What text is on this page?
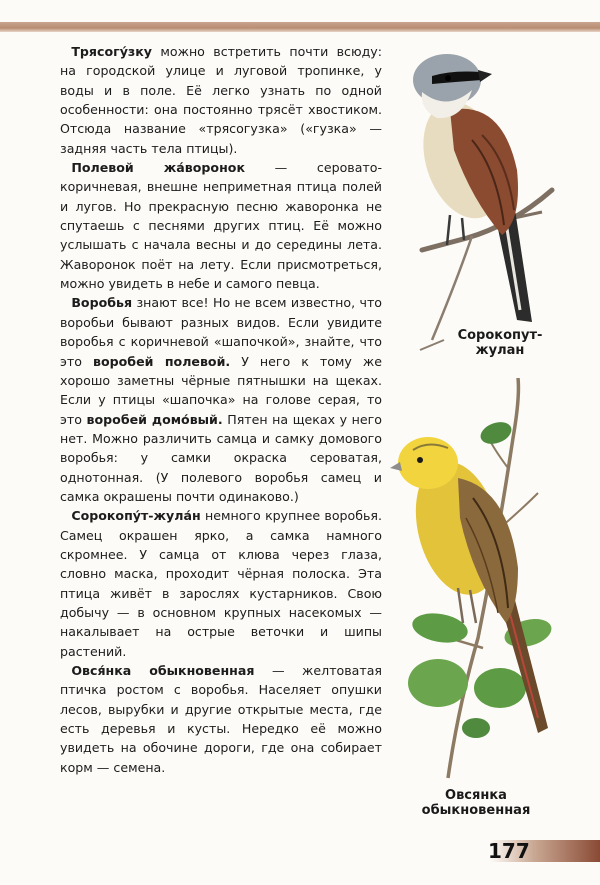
Трясогу́зку можно встретить почти всюду: на городской улице и луговой тропинке, у воды и в поле. Её легко узнать по одной особенности: она постоянно трясёт хвостиком. Отсюда название «трясогузка» («гузка» — задняя часть тела птицы).

Полевой жа́воронок — серовато-коричневая, внешне неприметная птица полей и лугов. Но прекрасную песню жаворонка не спутаешь с песнями других птиц. Её можно услышать с начала весны и до середины лета. Жаворонок поёт на лету. Если присмотреться, можно увидеть в небе и самого певца.

Воробья знают все! Но не всем известно, что воробьи бывают разных видов. Если увидите воробья с коричневой «шапочкой», знайте, что это воробей полевой. У него к тому же хорошо заметны чёрные пятнышки на щеках. Если у птицы «шапочка» на голове серая, то это воробей домо́вый. Пятен на щеках у него нет. Можно различить самца и самку домового воробья: у самки окраска сероватая, однотонная. (У полевого воробья самец и самка окрашены почти одинаково.)

Сорокопу́т-жула́н немного крупнее воробья. Самец окрашен ярко, а самка намного скромнее. У самца от клюва через глаза, словно маска, проходит чёрная полоска. Эта птица живёт в зарослях кустарников. Свою добычу — в основном крупных насекомых — накалывает на острые веточки и шипы растений.

Овся́нка обыкновенная — желтоватая птичка ростом с воробья. Населяет опушки лесов, вырубки и другие открытые места, где есть деревья и кусты. Нередко её можно увидеть на обочине дороги, где она собирает корм — семена.

Сорокопут-
жулан
Овсянка
обыкновенная
177
